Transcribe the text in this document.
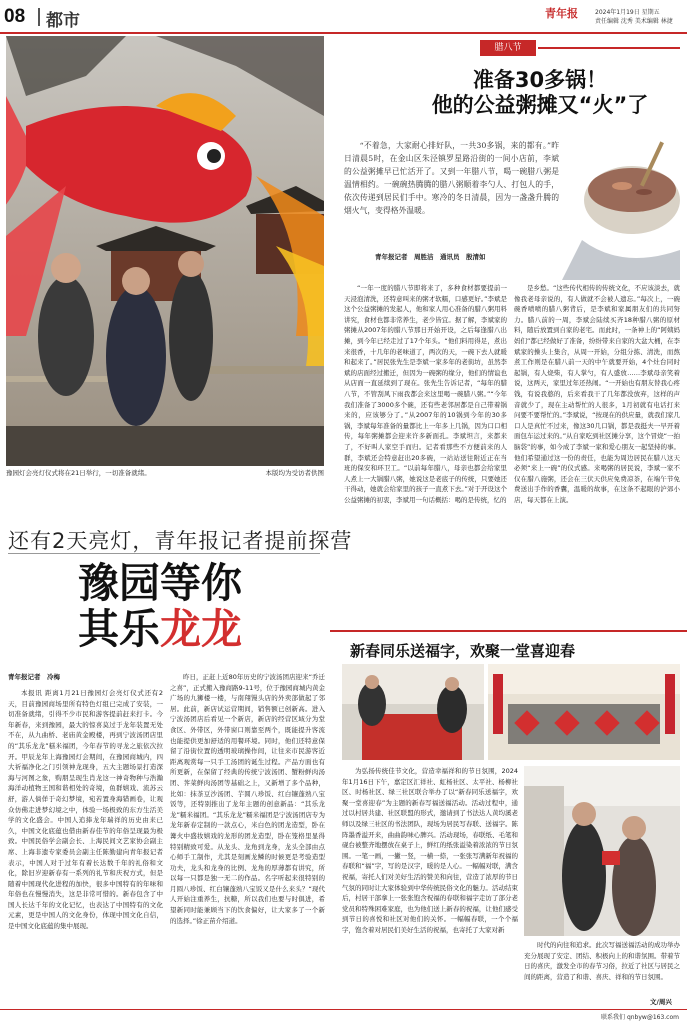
08 都市	青年报	2024年1月19日 星期五
责任编辑 沈秀 美术编辑 林捷
豫园灯会亮灯仪式将在21日举行，一切准备就绪。	本版均为受访者供图
还有2天亮灯，青年报记者提前探营
豫园等你
其乐龙龙
青年报记者　冷梅
本报讯 距离1月21日豫园灯会亮灯仪式还有2天，目前豫园商场里所有特色灯组已完成了安装，一切准备就绪，引得不少市民和游客提前赶来打卡。今年新春，来到豫园，最大的惊喜莫过于龙年装置无处不在，从九曲桥、老庙黄金殿楼，再到宁波汤团店里的“其乐龙龙”糕米福团，今年春节的寻龙之旅依次拉开。甲辰龙年上海豫园灯会期间，在豫园商城内，四大祈福净化之门引领神龙现身，五大主题场景打造深海与河图之象，购朋呈现生肖龙这一神奇物种与浩瀚海洋动植物王国和谐相处的奇境，鱼群嬉戏、流苏云舒，游人倘佯于奇幻梦境，宛若置身海错画卷，让观众仿佛走进梦幻境之中，体验一场极致的东方生活美学的文化盛会。中国人追捧龙年瑞祥的历史由来已久，中国文化底蕴也借由新春佳节的年俗呈现最为极致。中国民俗学会副会长、上海民间文艺家协会副主席、上海非遗专家委员会副主任陈勤建向青年报记者表示，中国人对于过年有着长达数千年的礼俗和文化，除旧岁迎新春有一系列的礼节和庆祝方式，但是随着中国现代化进程的加快，很多中国特有的年味和年俗也在慢慢消失，这是非常可惜的。新春包含了中国人长达千年的文化记忆，也表达了中国特有的文化元素，更是中国人的文化身份，体现中国文化自信，是中国文化底蕴的集中展现。
昨日，正赶上近80年历史的宁波汤团店迎来“乔迁之喜”，正式搬入豫商路9-11号，位于豫园商城内黄金广场的九狮楼一楼，与南翔馒头店的外卖部做起了邻居。此前，新店试运营期间，销售额已创新高。进入宁波汤团店后看见一个新店，新店的经营区域分为堂食区、外带区，外带窗口则靠至两个，既能提升客流也能提供更加舒适的用餐环境。同时，他们还特意保留了沿街位置的透明玻璃操作间，让往来市民游客近距离观赏每一只手工汤团的诞生过程。产品方面也有所更新，在保留了经典的传统宁波汤团、蟹粉鲜肉汤团、荠菜鲜肉汤团等基础之上，又新增了多个品种，比如：抹茶豆沙汤团、芋圆八珍饭、红白镶蓬熟八宝饭等，还特别推出了龙年主题的创意新品：“其乐龙龙”糯米福团。“其乐龙龙”糯米福团是宁波汤团店专为龙年新春定制的一款点心，米白色的团龙造型，卧在篝火中盛妆嬉戏的龙形的团龙造型，卧在笼格里显得特别精致可爱。从龙头、龙角到龙身，龙头全部由点心师手工制作，尤其是刻画龙鳞的时候更是考验造型功夫，龙头和龙身的比例、龙角的厚薄都有讲究，所以每一只都是独一无二的作品。名字听起来很特别的月圆八珍饭、红白镶蓬熟八宝饭又是什么来头？“现代人开始注重养生，抗糖，所以我们也要与时俱进，希望新同时能兼顾当下的饮食偏好，让大家多了一个新的选择。”徐正苗介绍道。
腊八节
准备30多锅！
他的公益粥摊又“火”了
“不着急，大家耐心排好队，一共30多锅，来的都有。”昨日清晨5时，在金山区朱泾镇罗星路沿街的一间小店前，李斌的公益粥摊早已忙活开了。又到一年腊八节，喝一碗腊八粥是温情相约。一碗碗热腾腾的腊八粥顺着李勺人、打包人的手，依次传递到居民们手中。寒冷的冬日清晨，因为一盏盏升腾的烟火气，变得格外温暖。
青年报记者　周胜洁　通讯员　殷清如
“一年一度的腊八节即将来了，多种食材都要提前一天浸泡清洗，还特意叫来的粥才软糯，口感更好。”李斌是这个公益粥摊的发起人，他和家人用心准备的腊八粥用料讲究，食材也都非常养生，老少皆宜。据了解，李斌家的粥摊从2007年的腊八节那日开始开设，之后每逢腊八出摊，到今年已经走过了17个年头。“他们料用得足，煮出来很香，十几年的老味道了，两次的天，一碗下去人就暖和起来了。”居民张先生是李斌一家多年的老街坊，虽然李斌的店面经过搬迁，但因为一碗粥的缘分，他们的情谊也从店面一直延续到了现在。张先生告诉记者，“每年的腊八节，不管刮风下雨我都会来这里喝一碗腊八粥。”“今年我们准备了3000多个碗，还有些老邻居都是自己带着锅来的，应该够分了。”从2007年的10锅到今年的30多锅，李斌每年准备的量都比上一年多上几锅，因为口口相传，每年粥摊都会迎来许多新面孔。李斌坦言，来都来了，不好叫人家空手而归。记者看那些不方便前来的人群，李斌还会特意赶出20多碗，一站站送往附近正在当班的保安和环卫工。“以前每年腊八，母亲也都会给家里人煮上一大锅腊八粥，她说这是老底子的传统，只要她还干得动，她就会给家里的孩子一直煮下去。”对于开设这个公益粥摊的初衷，李斌用一句话概括：喝的是传统，忆的
是乡愁。“这些传代相传的传统文化，不应该淡去，就像我老母亲说的，有人做就不会被人遗忘。”每次上，一碗碗香喷喷的腊八粥背后，是李斌和家属朋友们的共同努力。腊八前的一周，李斌会陆续买齐18种腊八粥的原材料，随后放置到自家的老宅。而此时，一条神上的“阿姨妈妈们”都已经做好了准备，纷纷带来自家的大盆大桶，在李斌家的操头上集合，从周一开始，分组分拣、清洗，而熬煮工作则是在腊八前一天的中午就要开始，4个灶台同时起锅，有人烧柴，有人掌勺，有人盛放……李斌母亲笑着说，这两天，家里过年还热闹。“一开始也有朋友替我心疼钱，有说我憨的，后来看我干了几年都没放弃，这样的声音就少了，现在主动帮忙的人很多，1月初就有电话打来问要不要帮忙的。”李斌说，“按现在的供应量，就我们家几口人是真忙不过来，像这30几口锅，都是我挺夫一早开着面包车运过来的。”从自家吃到社区摊分享，这个冒烧“一拍脑袋”的事，如今成了李斌一家和爱心朋友一起坚持的事。他们希望通过这一份的责任，也能为周边居民在腊八这天必须“来上一碗”的仪式感。来喝粥的居民说，李斌一家不仅在腊八施粥，还会在三伏天供应免费凉茶，在端午节免费送出手作的香囊，温暖的故事，在这条不起眼的沪郊小店，每天都在上演。
新春同乐送福字，欢聚一堂喜迎春
为弘扬传统佳节文化，营造幸福祥和的节日氛围，2024年1月16日下午，嘉定区汇祥社、虹杨社区、太平社、杨柳社区、时杨社区、绿三社区联合举办了以“新春同乐送福字，欢聚一堂喜迎春”为主题的新春写福送福活动。活动过程中，通过以村居共建、社区联盟的形式，邀请到了书法达人黄均溪老师以及绿三社区的书法团队，现场为居民写春联、送福字。陈阵墨香溢开来，曲曲韵味心脾兴。活动现场，春联纸、毛笔和砚台被整齐地摆放在桌子上，鲜红的纸张溢染着浓浓的节日氛围。一笔一画，一撇一竖，一横一捺，一张张写满新年祝福的春联和“福”字，写的是汉字，暖的是人心。一幅幅对联，满含祝福，寄托人们对美好生活的赞美和向往，营造了浓厚的节日气氛的同时让大家体验到中华传统民俗文化的魅力。活动结束后，村居干部拿上一张张饱含祝福的春联和福字走访了部分老党员和特殊困难家庭，也为他们送上新春的祝福，让他们感受到节日的喜悦和社区对他们的关怀。一幅幅春联，一个个福字，饱含着对居民们美好生活的祝福，也寄托了大家对新
时代的向往和追求。此次写福送福活动的成功举办充分展现了安定、团结、积极向上的和谐氛围。带着节日的喜庆，激发全市的春节习俗，拉近了社区与居民之间的距离，营造了和谐、喜庆、祥和的节日氛围。
文/周兴
联系我们 qnbyw@163.com
